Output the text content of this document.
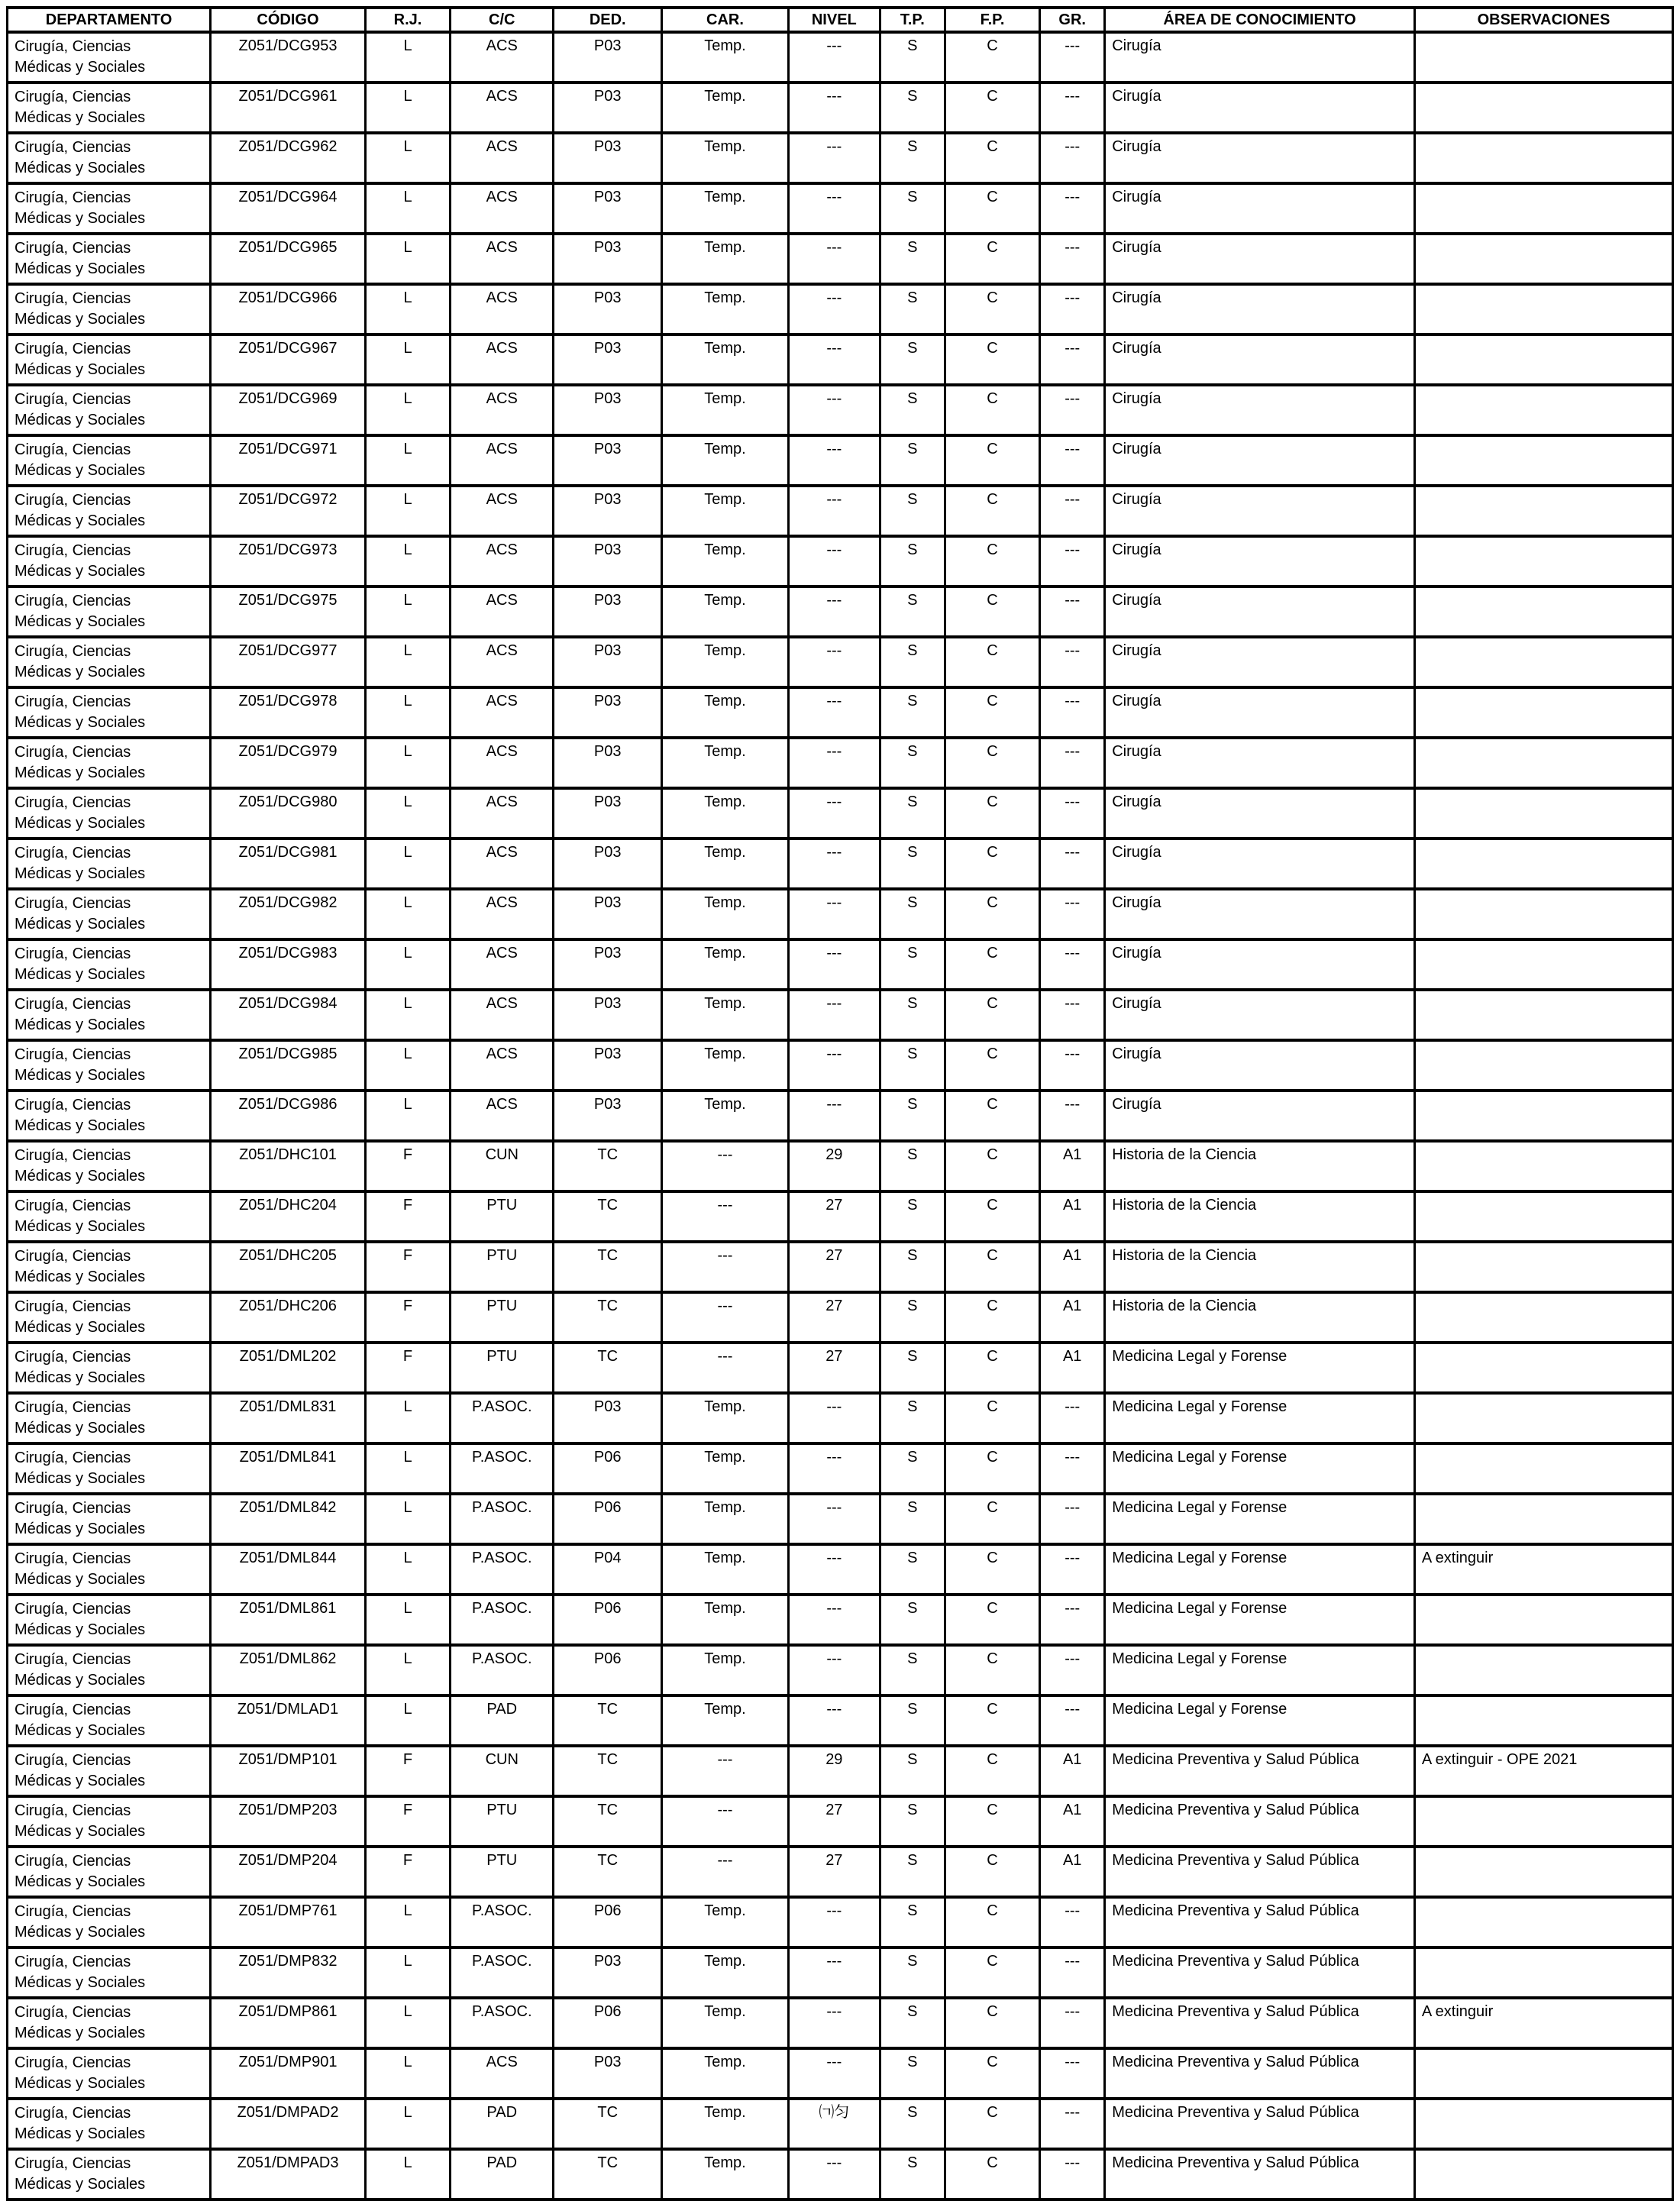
DEPARTAMENTO	CÓDIGO	R.J.	C/C	DED.	CAR.	NIVEL	T.P.	F.P.	GR.	ÁREA DE CONOCIMIENTO	OBSERVACIONES

Cirugía, Ciencias
Médicas y Sociales	Z051/DCG953	L	ACS	P03	Temp.	---	S	C	---	Cirugía	

Cirugía, Ciencias
Médicas y Sociales	Z051/DCG961	L	ACS	P03	Temp.	---	S	C	---	Cirugía	

Cirugía, Ciencias
Médicas y Sociales	Z051/DCG962	L	ACS	P03	Temp.	---	S	C	---	Cirugía	

Cirugía, Ciencias
Médicas y Sociales	Z051/DCG964	L	ACS	P03	Temp.	---	S	C	---	Cirugía	

Cirugía, Ciencias
Médicas y Sociales	Z051/DCG965	L	ACS	P03	Temp.	---	S	C	---	Cirugía	

Cirugía, Ciencias
Médicas y Sociales	Z051/DCG966	L	ACS	P03	Temp.	---	S	C	---	Cirugía	

Cirugía, Ciencias
Médicas y Sociales	Z051/DCG967	L	ACS	P03	Temp.	---	S	C	---	Cirugía	

Cirugía, Ciencias
Médicas y Sociales	Z051/DCG969	L	ACS	P03	Temp.	---	S	C	---	Cirugía	

Cirugía, Ciencias
Médicas y Sociales	Z051/DCG971	L	ACS	P03	Temp.	---	S	C	---	Cirugía	

Cirugía, Ciencias
Médicas y Sociales	Z051/DCG972	L	ACS	P03	Temp.	---	S	C	---	Cirugía	

Cirugía, Ciencias
Médicas y Sociales	Z051/DCG973	L	ACS	P03	Temp.	---	S	C	---	Cirugía	

Cirugía, Ciencias
Médicas y Sociales	Z051/DCG975	L	ACS	P03	Temp.	---	S	C	---	Cirugía	

Cirugía, Ciencias
Médicas y Sociales	Z051/DCG977	L	ACS	P03	Temp.	---	S	C	---	Cirugía	

Cirugía, Ciencias
Médicas y Sociales	Z051/DCG978	L	ACS	P03	Temp.	---	S	C	---	Cirugía	

Cirugía, Ciencias
Médicas y Sociales	Z051/DCG979	L	ACS	P03	Temp.	---	S	C	---	Cirugía	

Cirugía, Ciencias
Médicas y Sociales	Z051/DCG980	L	ACS	P03	Temp.	---	S	C	---	Cirugía	

Cirugía, Ciencias
Médicas y Sociales	Z051/DCG981	L	ACS	P03	Temp.	---	S	C	---	Cirugía	

Cirugía, Ciencias
Médicas y Sociales	Z051/DCG982	L	ACS	P03	Temp.	---	S	C	---	Cirugía	

Cirugía, Ciencias
Médicas y Sociales	Z051/DCG983	L	ACS	P03	Temp.	---	S	C	---	Cirugía	

Cirugía, Ciencias
Médicas y Sociales	Z051/DCG984	L	ACS	P03	Temp.	---	S	C	---	Cirugía	

Cirugía, Ciencias
Médicas y Sociales	Z051/DCG985	L	ACS	P03	Temp.	---	S	C	---	Cirugía	

Cirugía, Ciencias
Médicas y Sociales	Z051/DCG986	L	ACS	P03	Temp.	---	S	C	---	Cirugía	

Cirugía, Ciencias
Médicas y Sociales	Z051/DHC101	F	CUN	TC	---	29	S	C	A1	Historia de la Ciencia	

Cirugía, Ciencias
Médicas y Sociales	Z051/DHC204	F	PTU	TC	---	27	S	C	A1	Historia de la Ciencia	

Cirugía, Ciencias
Médicas y Sociales	Z051/DHC205	F	PTU	TC	---	27	S	C	A1	Historia de la Ciencia	

Cirugía, Ciencias
Médicas y Sociales	Z051/DHC206	F	PTU	TC	---	27	S	C	A1	Historia de la Ciencia	

Cirugía, Ciencias
Médicas y Sociales	Z051/DML202	F	PTU	TC	---	27	S	C	A1	Medicina Legal y Forense	

Cirugía, Ciencias
Médicas y Sociales	Z051/DML831	L	P.ASOC.	P03	Temp.	---	S	C	---	Medicina Legal y Forense	

Cirugía, Ciencias
Médicas y Sociales	Z051/DML841	L	P.ASOC.	P06	Temp.	---	S	C	---	Medicina Legal y Forense	

Cirugía, Ciencias
Médicas y Sociales	Z051/DML842	L	P.ASOC.	P06	Temp.	---	S	C	---	Medicina Legal y Forense	

Cirugía, Ciencias
Médicas y Sociales	Z051/DML844	L	P.ASOC.	P04	Temp.	---	S	C	---	Medicina Legal y Forense	A extinguir

Cirugía, Ciencias
Médicas y Sociales	Z051/DML861	L	P.ASOC.	P06	Temp.	---	S	C	---	Medicina Legal y Forense	

Cirugía, Ciencias
Médicas y Sociales	Z051/DML862	L	P.ASOC.	P06	Temp.	---	S	C	---	Medicina Legal y Forense	

Cirugía, Ciencias
Médicas y Sociales	Z051/DMLAD1	L	PAD	TC	Temp.	---	S	C	---	Medicina Legal y Forense	

Cirugía, Ciencias
Médicas y Sociales	Z051/DMP101	F	CUN	TC	---	29	S	C	A1	Medicina Preventiva y Salud Pública	A extinguir - OPE 2021

Cirugía, Ciencias
Médicas y Sociales	Z051/DMP203	F	PTU	TC	---	27	S	C	A1	Medicina Preventiva y Salud Pública	

Cirugía, Ciencias
Médicas y Sociales	Z051/DMP204	F	PTU	TC	---	27	S	C	A1	Medicina Preventiva y Salud Pública	

Cirugía, Ciencias
Médicas y Sociales	Z051/DMP761	L	P.ASOC.	P06	Temp.	---	S	C	---	Medicina Preventiva y Salud Pública	

Cirugía, Ciencias
Médicas y Sociales	Z051/DMP832	L	P.ASOC.	P03	Temp.	---	S	C	---	Medicina Preventiva y Salud Pública	

Cirugía, Ciencias
Médicas y Sociales	Z051/DMP861	L	P.ASOC.	P06	Temp.	---	S	C	---	Medicina Preventiva y Salud Pública	A extinguir

Cirugía, Ciencias
Médicas y Sociales	Z051/DMP901	L	ACS	P03	Temp.	---	S	C	---	Medicina Preventiva y Salud Pública	

Cirugía, Ciencias
Médicas y Sociales	Z051/DMPAD2	L	PAD	TC	Temp.	㈀匀	S	C	---	Medicina Preventiva y Salud Pública	

Cirugía, Ciencias
Médicas y Sociales	Z051/DMPAD3	L	PAD	TC	Temp.	---	S	C	---	Medicina Preventiva y Salud Pública	
